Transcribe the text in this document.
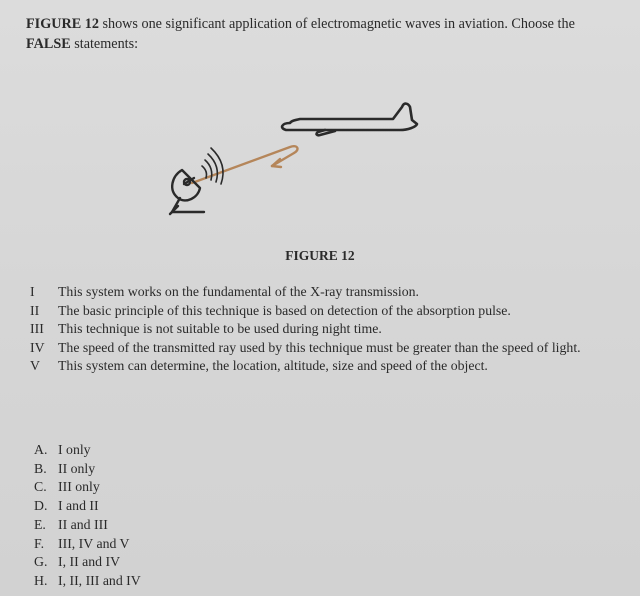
FIGURE 12 shows one significant application of electromagnetic waves in aviation. Choose the FALSE statements:
FIGURE 12
I	This system works on the fundamental of the X-ray transmission.
II	The basic principle of this technique is based on detection of the absorption pulse.
III	This technique is not suitable to be used during night time.
IV The speed of the transmitted ray used by this technique must be greater than the speed of light.
V	This system can determine, the location, altitude, size and speed of the object.
A. I only
B. II only
C. III only
D. I and II
E. II and III
F.	III, IV and V
G. I, II and IV
H. I, II, III and IV
